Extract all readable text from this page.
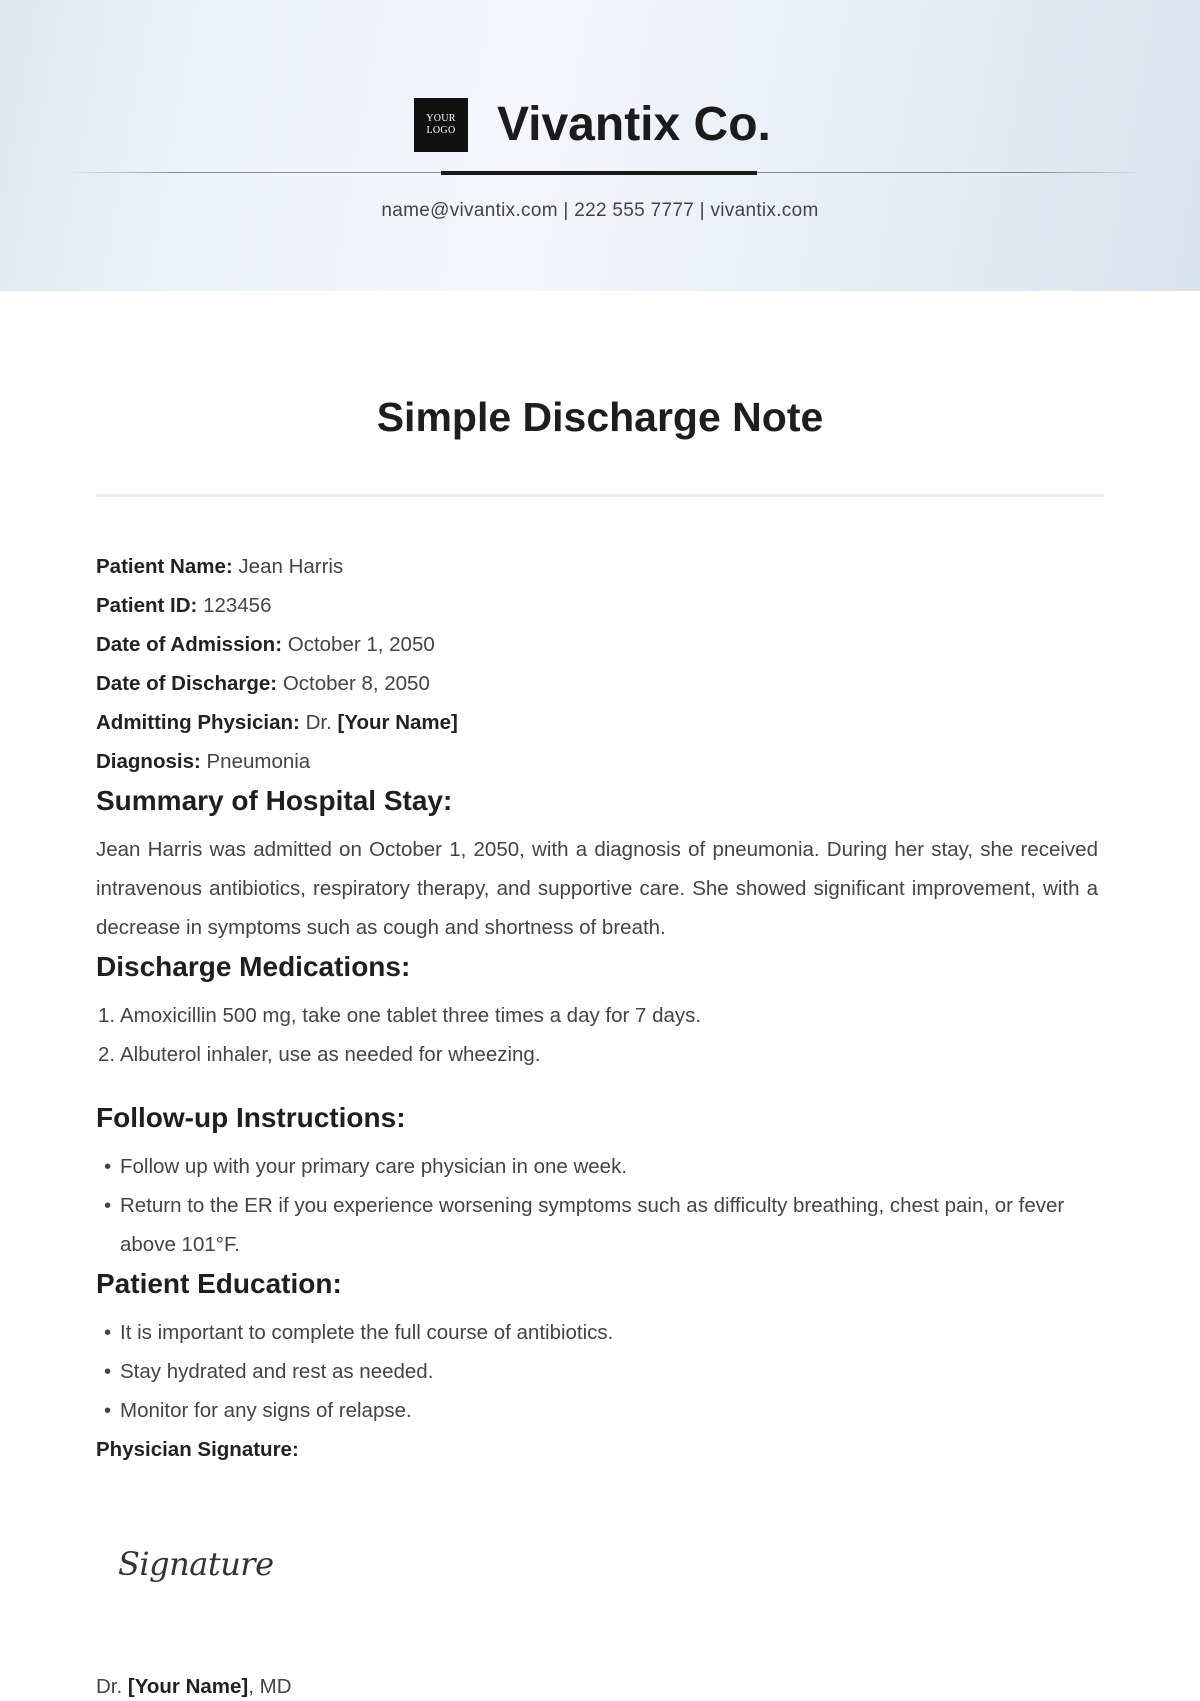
YOUR
LOGO Vivantix Co.
name@vivantix.com | 222 555 7777 | vivantix.com
Simple Discharge Note
Patient Name: Jean Harris
Patient ID: 123456
Date of Admission: October 1, 2050
Date of Discharge: October 8, 2050
Admitting Physician: Dr. [Your Name]
Diagnosis: Pneumonia
Summary of Hospital Stay:

Jean Harris was admitted on October 1, 2050, with a diagnosis of pneumonia. During her stay, she received intravenous antibiotics, respiratory therapy, and supportive care. She showed significant improvement, with a decrease in symptoms such as cough and shortness of breath.

Discharge Medications:
1. Amoxicillin 500 mg, take one tablet three times a day for 7 days.
2. Albuterol inhaler, use as needed for wheezing.
Follow-up Instructions:
• Follow up with your primary care physician in one week.
• Return to the ER if you experience worsening symptoms such as difficulty breathing, chest pain, or fever above 101°F.
Patient Education:
• It is important to complete the full course of antibiotics.
• Stay hydrated and rest as needed.
• Monitor for any signs of relapse.
Physician Signature:
Signature
Dr. [Your Name], MD
